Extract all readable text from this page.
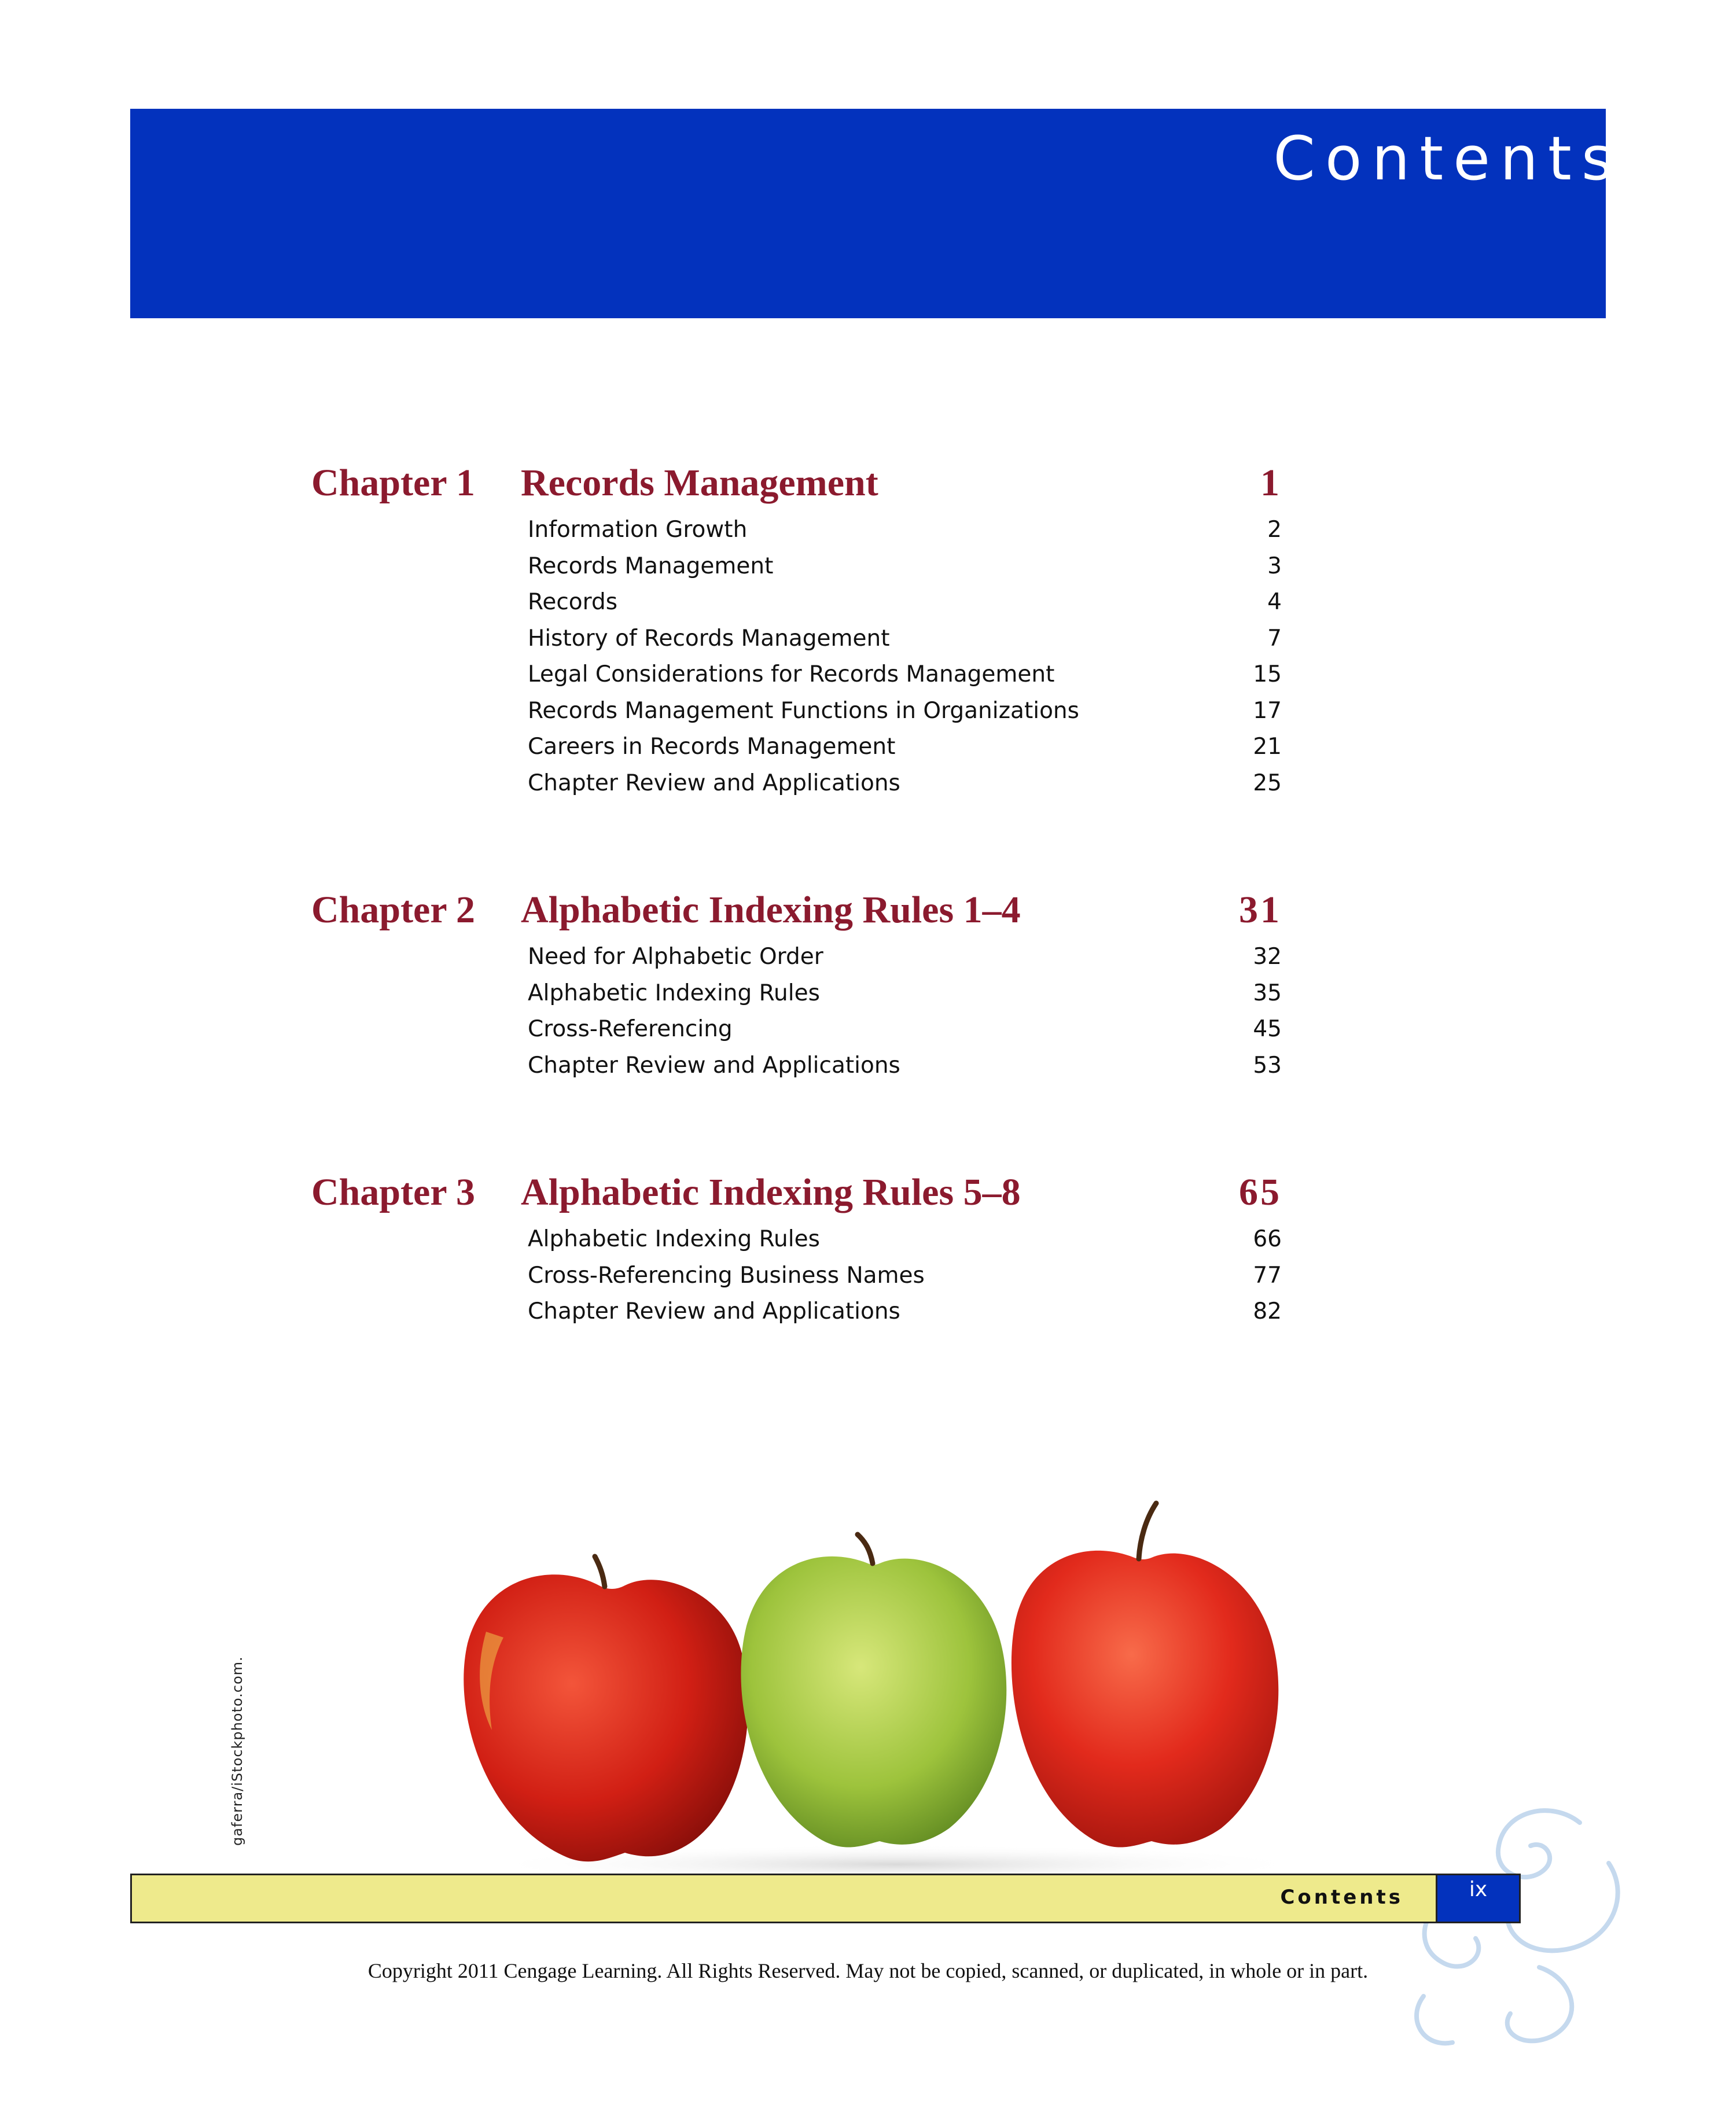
Contents
Chapter 1 Records Management	1
Information Growth	2
Records Management	3
Records	4
History of Records Management	7
Legal Considerations for Records Management	15
Records Management Functions in Organizations	17
Careers in Records Management	21
Chapter Review and Applications	25
Chapter 2 Alphabetic Indexing Rules 1–4	31
Need for Alphabetic Order	32
Alphabetic Indexing Rules	35
Cross-Referencing	45
Chapter Review and Applications	53
Chapter 3 Alphabetic Indexing Rules 5–8	65
Alphabetic Indexing Rules	66
Cross-Referencing Business Names	77
Chapter Review and Applications	82
gaferra/iStockphoto.com.
Contents	ix
Copyright 2011 Cengage Learning. All Rights Reserved. May not be copied, scanned, or duplicated, in whole or in part.
